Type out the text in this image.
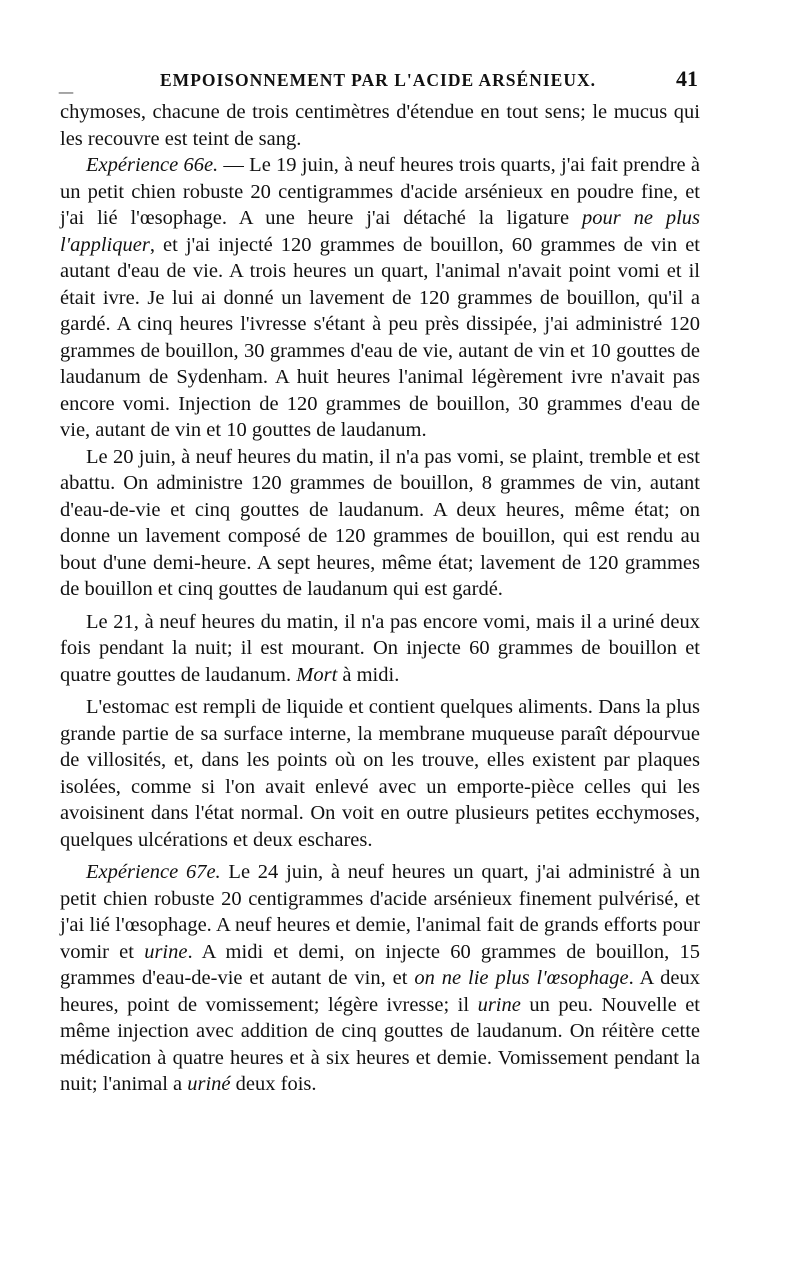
—
EMPOISONNEMENT PAR L'ACIDE ARSÉNIEUX.	41

chymoses, chacune de trois centimètres d'étendue en tout sens; le mucus qui les recouvre est teint de sang.

Expérience 66e. — Le 19 juin, à neuf heures trois quarts, j'ai fait prendre à un petit chien robuste 20 centigrammes d'acide arsénieux en poudre fine, et j'ai lié l'œsophage. A une heure j'ai détaché la ligature pour ne plus l'appliquer, et j'ai injecté 120 grammes de bouillon, 60 grammes de vin et autant d'eau de vie. A trois heures un quart, l'animal n'avait point vomi et il était ivre. Je lui ai donné un lavement de 120 grammes de bouillon, qu'il a gardé. A cinq heures l'ivresse s'étant à peu près dissipée, j'ai administré 120 grammes de bouillon, 30 grammes d'eau de vie, autant de vin et 10 gouttes de laudanum de Sydenham. A huit heures l'animal légèrement ivre n'avait pas encore vomi. Injection de 120 grammes de bouillon, 30 grammes d'eau de vie, autant de vin et 10 gouttes de laudanum.

Le 20 juin, à neuf heures du matin, il n'a pas vomi, se plaint, tremble et est abattu. On administre 120 grammes de bouillon, 8 grammes de vin, autant d'eau-de-vie et cinq gouttes de laudanum. A deux heures, même état; on donne un lavement composé de 120 grammes de bouillon, qui est rendu au bout d'une demi-heure. A sept heures, même état; lavement de 120 grammes de bouillon et cinq gouttes de laudanum qui est gardé.

Le 21, à neuf heures du matin, il n'a pas encore vomi, mais il a uriné deux fois pendant la nuit; il est mourant. On injecte 60 grammes de bouillon et quatre gouttes de laudanum. Mort à midi.

L'estomac est rempli de liquide et contient quelques aliments. Dans la plus grande partie de sa surface interne, la membrane muqueuse paraît dépourvue de villosités, et, dans les points où on les trouve, elles existent par plaques isolées, comme si l'on avait enlevé avec un emporte-pièce celles qui les avoisinent dans l'état normal. On voit en outre plusieurs petites ecchymoses, quelques ulcérations et deux eschares.

Expérience 67e. Le 24 juin, à neuf heures un quart, j'ai administré à un petit chien robuste 20 centigrammes d'acide arsénieux finement pulvérisé, et j'ai lié l'œsophage. A neuf heures et demie, l'animal fait de grands efforts pour vomir et urine. A midi et demi, on injecte 60 grammes de bouillon, 15 grammes d'eau-de-vie et autant de vin, et on ne lie plus l'œsophage. A deux heures, point de vomissement; légère ivresse; il urine un peu. Nouvelle et même injection avec addition de cinq gouttes de laudanum. On réitère cette médication à quatre heures et à six heures et demie. Vomissement pendant la nuit; l'animal a uriné deux fois.
